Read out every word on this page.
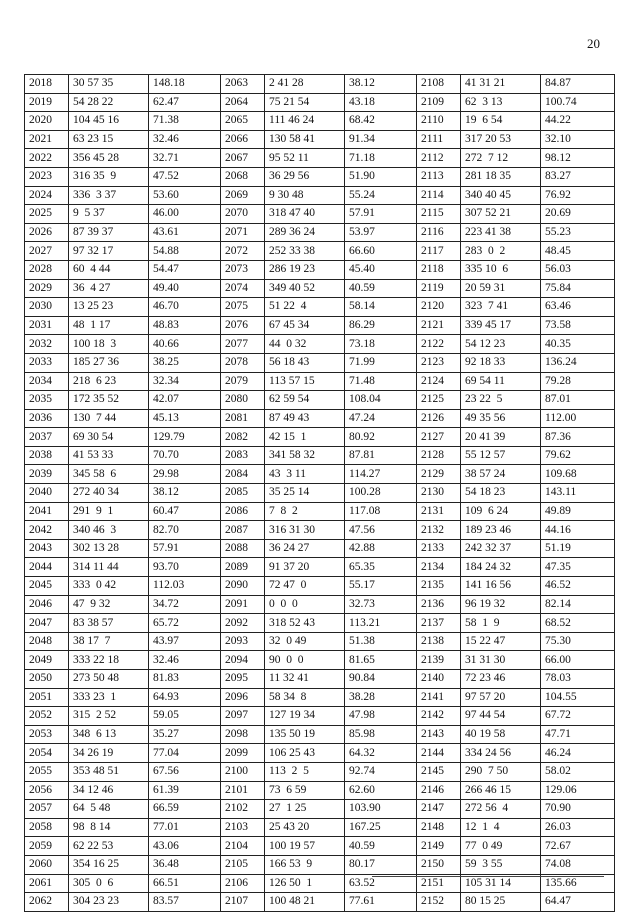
20
2018	30 57 35	148.18	2063	2 41 28	38.12	2108	41 31 21	84.87
2019	54 28 22	62.47	2064	75 21 54	43.18	2109	62  3 13	100.74
2020	104 45 16	71.38	2065	111 46 24	68.42	2110	19  6 54	44.22
2021	63 23 15	32.46	2066	130 58 41	91.34	2111	317 20 53	32.10
2022	356 45 28	32.71	2067	95 52 11	71.18	2112	272  7 12	98.12
2023	316 35  9	47.52	2068	36 29 56	51.90	2113	281 18 35	83.27
2024	336  3 37	53.60	2069	9 30 48	55.24	2114	340 40 45	76.92
2025	9  5 37	46.00	2070	318 47 40	57.91	2115	307 52 21	20.69
2026	87 39 37	43.61	2071	289 36 24	53.97	2116	223 41 38	55.23
2027	97 32 17	54.88	2072	252 33 38	66.60	2117	283  0  2	48.45
2028	60  4 44	54.47	2073	286 19 23	45.40	2118	335 10  6	56.03
2029	36  4 27	49.40	2074	349 40 52	40.59	2119	20 59 31	75.84
2030	13 25 23	46.70	2075	51 22  4	58.14	2120	323  7 41	63.46
2031	48  1 17	48.83	2076	67 45 34	86.29	2121	339 45 17	73.58
2032	100 18  3	40.66	2077	44  0 32	73.18	2122	54 12 23	40.35
2033	185 27 36	38.25	2078	56 18 43	71.99	2123	92 18 33	136.24
2034	218  6 23	32.34	2079	113 57 15	71.48	2124	69 54 11	79.28
2035	172 35 52	42.07	2080	62 59 54	108.04	2125	23 22  5	87.01
2036	130  7 44	45.13	2081	87 49 43	47.24	2126	49 35 56	112.00
2037	69 30 54	129.79	2082	42 15  1	80.92	2127	20 41 39	87.36
2038	41 53 33	70.70	2083	341 58 32	87.81	2128	55 12 57	79.62
2039	345 58  6	29.98	2084	43  3 11	114.27	2129	38 57 24	109.68
2040	272 40 34	38.12	2085	35 25 14	100.28	2130	54 18 23	143.11
2041	291  9  1	60.47	2086	7  8  2	117.08	2131	109  6 24	49.89
2042	340 46  3	82.70	2087	316 31 30	47.56	2132	189 23 46	44.16
2043	302 13 28	57.91	2088	36 24 27	42.88	2133	242 32 37	51.19
2044	314 11 44	93.70	2089	91 37 20	65.35	2134	184 24 32	47.35
2045	333  0 42	112.03	2090	72 47  0	55.17	2135	141 16 56	46.52
2046	47  9 32	34.72	2091	0  0  0	32.73	2136	96 19 32	82.14
2047	83 38 57	65.72	2092	318 52 43	113.21	2137	58  1  9	68.52
2048	38 17  7	43.97	2093	32  0 49	51.38	2138	15 22 47	75.30
2049	333 22 18	32.46	2094	90  0  0	81.65	2139	31 31 30	66.00
2050	273 50 48	81.83	2095	11 32 41	90.84	2140	72 23 46	78.03
2051	333 23  1	64.93	2096	58 34  8	38.28	2141	97 57 20	104.55
2052	315  2 52	59.05	2097	127 19 34	47.98	2142	97 44 54	67.72
2053	348  6 13	35.27	2098	135 50 19	85.98	2143	40 19 58	47.71
2054	34 26 19	77.04	2099	106 25 43	64.32	2144	334 24 56	46.24
2055	353 48 51	67.56	2100	113  2  5	92.74	2145	290  7 50	58.02
2056	34 12 46	61.39	2101	73  6 59	62.60	2146	266 46 15	129.06
2057	64  5 48	66.59	2102	27  1 25	103.90	2147	272 56  4	70.90
2058	98  8 14	77.01	2103	25 43 20	167.25	2148	12  1  4	26.03
2059	62 22 53	43.06	2104	100 19 57	40.59	2149	77  0 49	72.67
2060	354 16 25	36.48	2105	166 53  9	80.17	2150	59  3 55	74.08
2061	305  0  6	66.51	2106	126 50  1	63.52	2151	105 31 14	135.66
2062	304 23 23	83.57	2107	100 48 21	77.61	2152	80 15 25	64.47
